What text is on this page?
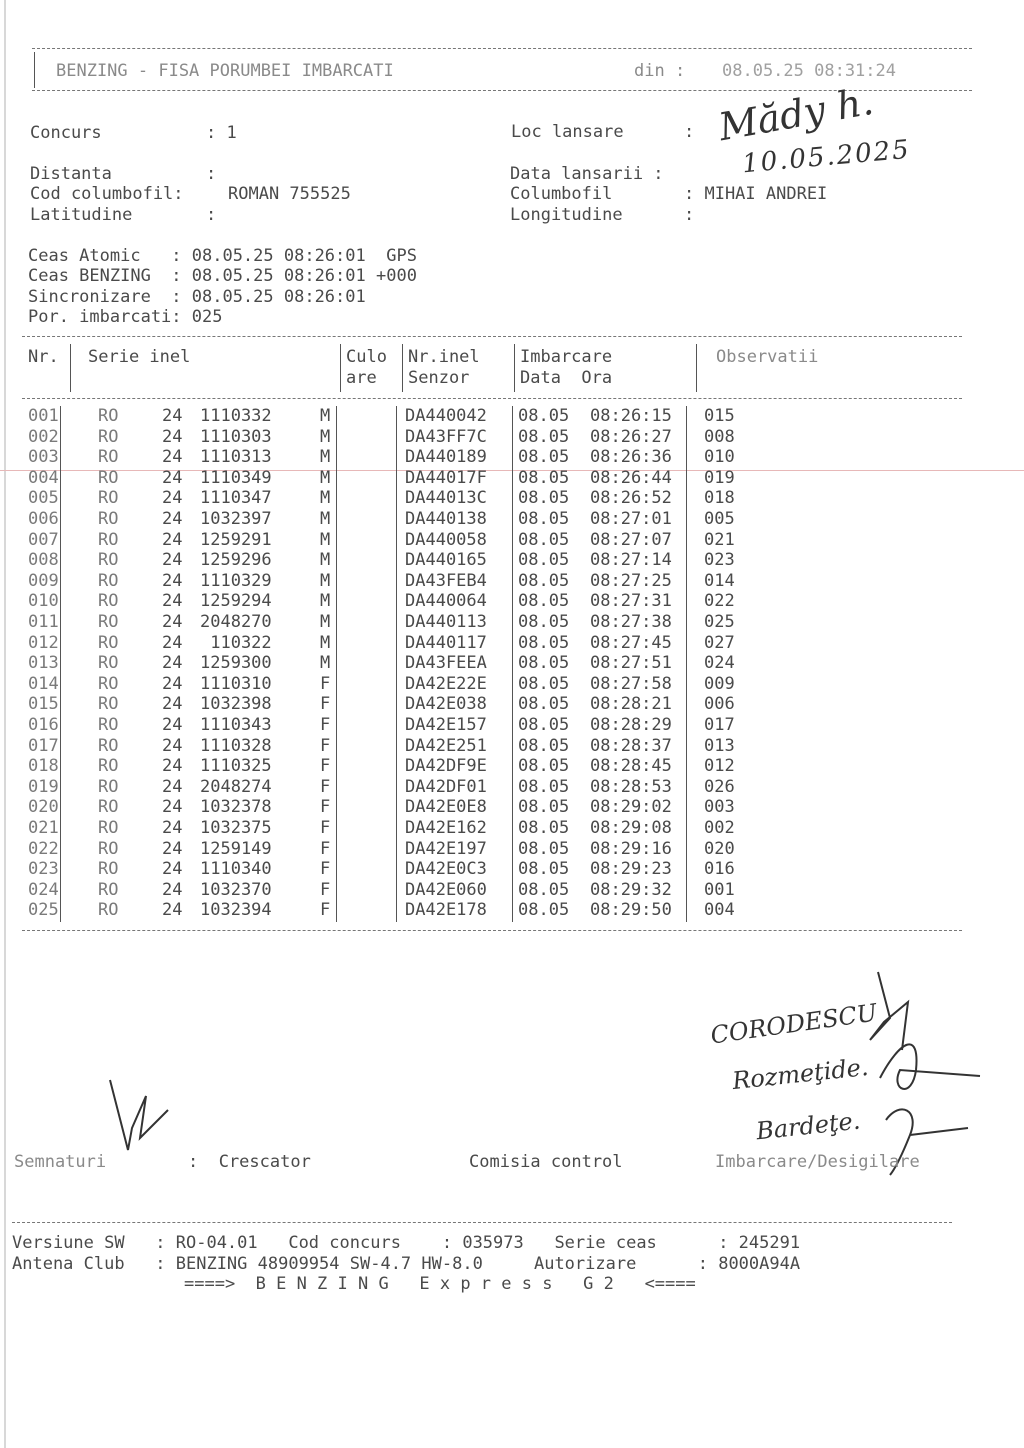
BENZING - FISA PORUMBEI IMBARCATI	din : 08.05.25 08:31:24
Concurs	: 1	Loc lansare	:
Distanta	:
Cod columbofil:	ROMAN 755525
Latitudine	:
Data lansarii :
Columbofil	: MIHAI ANDREI
Longitudine	:
Mădy h.
10.05.2025
Ceas Atomic   : 08.05.25 08:26:01  GPS
Ceas BENZING  : 08.05.25 08:26:01 +000
Sincronizare  : 08.05.25 08:26:01
Por. imbarcati: 025
Nr. Serie inel	Culo
are
Nr.inel
Senzor
Imbarcare
Data  Ora
Observatii
001 RO	24 1110332	M	DA440042 08.05 08:26:15 015
002 RO	24 1110303	M	DA43FF7C 08.05 08:26:27 008
003 RO	24 1110313	M	DA440189 08.05 08:26:36 010
004 RO	24 1110349	M	DA44017F 08.05 08:26:44 019
005 RO	24 1110347	M	DA44013C 08.05 08:26:52 018
006 RO	24 1032397	M	DA440138 08.05 08:27:01 005
007 RO	24 1259291	M	DA440058 08.05 08:27:07 021
008 RO	24 1259296	M	DA440165 08.05 08:27:14 023
009 RO	24 1110329	M	DA43FEB4 08.05 08:27:25 014
010 RO	24 1259294	M	DA440064 08.05 08:27:31 022
011 RO	24 2048270	M	DA440113 08.05 08:27:38 025
012 RO	24 110322	M	DA440117 08.05 08:27:45 027
013 RO	24 1259300	M	DA43FEEA 08.05 08:27:51 024
014 RO	24 1110310	F	DA42E22E 08.05 08:27:58 009
015 RO	24 1032398	F	DA42E038 08.05 08:28:21 006
016 RO	24 1110343	F	DA42E157 08.05 08:28:29 017
017 RO	24 1110328	F	DA42E251 08.05 08:28:37 013
018 RO	24 1110325	F	DA42DF9E 08.05 08:28:45 012
019 RO	24 2048274	F	DA42DF01 08.05 08:28:53 026
020 RO	24 1032378	F	DA42E0E8 08.05 08:29:02 003
021 RO	24 1032375	F	DA42E162 08.05 08:29:08 002
022 RO	24 1259149	F	DA42E197 08.05 08:29:16 020
023 RO	24 1110340	F	DA42E0C3 08.05 08:29:23 016
024 RO	24 1032370	F	DA42E060 08.05 08:29:32 001
025 RO	24 1032394	F	DA42E178 08.05 08:29:50 004
CORODESCU
Rozmeţide.
Bardeţe.
Semnaturi	:  Crescator	Comisia control	Imbarcare/Desigilare
Versiune SW   : RO-04.01   Cod concurs    : 035973   Serie ceas      : 245291
Antena Club   : BENZING 48909954 SW-4.7 HW-8.0     Autorizare      : 8000A94A
====>  B E N Z I N G   E x p r e s s   G 2   <====
